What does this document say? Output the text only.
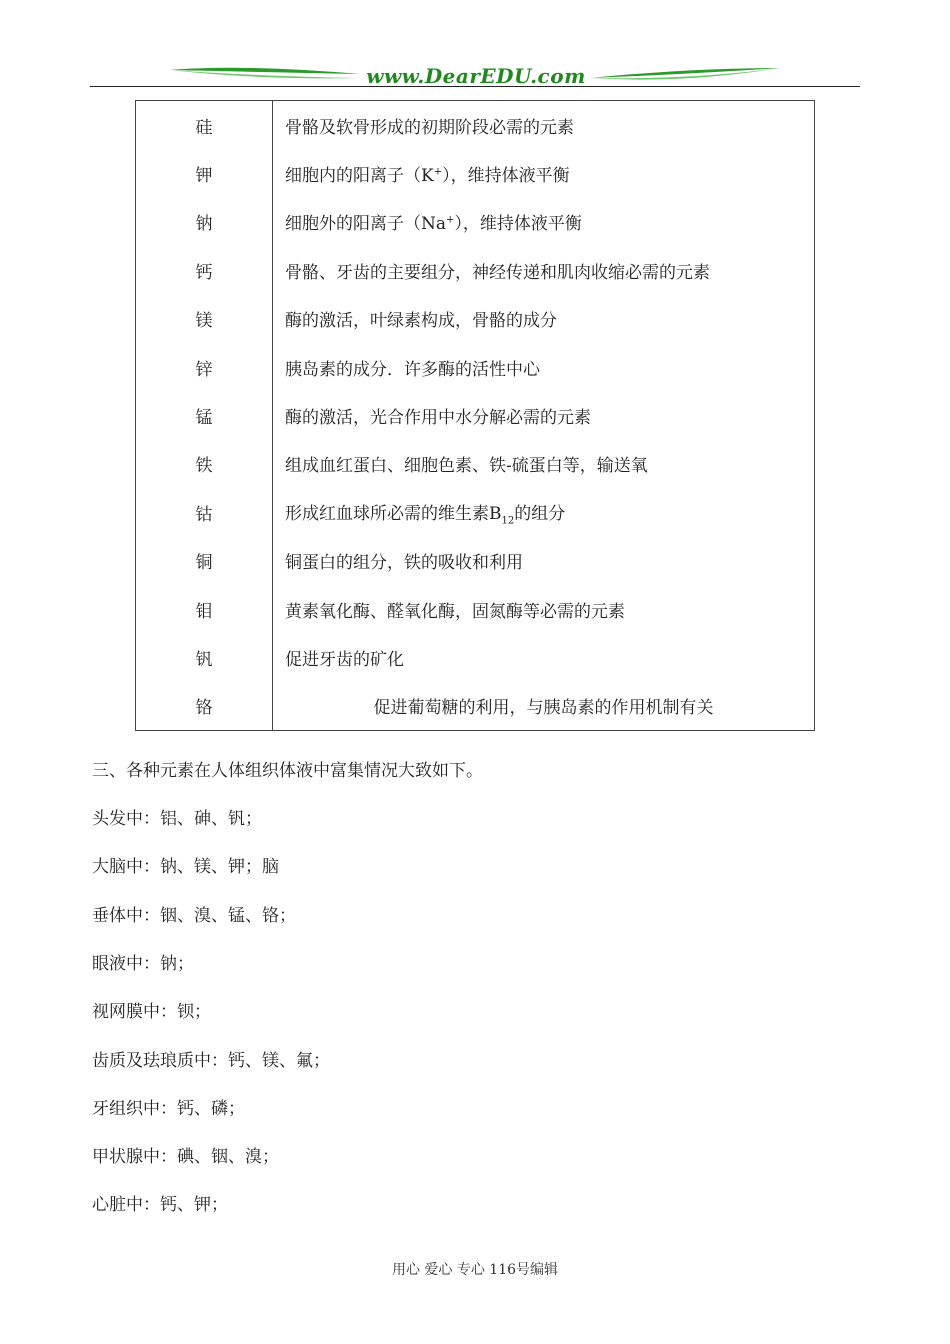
www.DearEDU.com
硅	骨骼及软骨形成的初期阶段必需的元素
钾	细胞内的阳离子（K+），维持体液平衡
钠	细胞外的阳离子（Na+），维持体液平衡
钙	骨骼、牙齿的主要组分，神经传递和肌肉收缩必需的元素
镁	酶的激活，叶绿素构成，骨骼的成分
锌	胰岛素的成分．许多酶的活性中心
锰	酶的激活，光合作用中水分解必需的元素
铁	组成血红蛋白、细胞色素、铁-硫蛋白等，输送氧
钴	形成红血球所必需的维生素$B_{12}$的组分
铜	铜蛋白的组分，铁的吸收和利用
钼	黄素氧化酶、醛氧化酶，固氮酶等必需的元素
钒	促进牙齿的矿化
铬	促进葡萄糖的利用，与胰岛素的作用机制有关
三、各种元素在人体组织体液中富集情况大致如下。
头发中：铝、砷、钒；
大脑中：钠、镁、钾；脑
垂体中：铟、溴、锰、铬；
眼液中：钠；
视网膜中：钡；
齿质及珐琅质中：钙、镁、氟；
牙组织中：钙、磷；
甲状腺中：碘、铟、溴；
心脏中：钙、钾；
用心 爱心 专心 116号编辑
